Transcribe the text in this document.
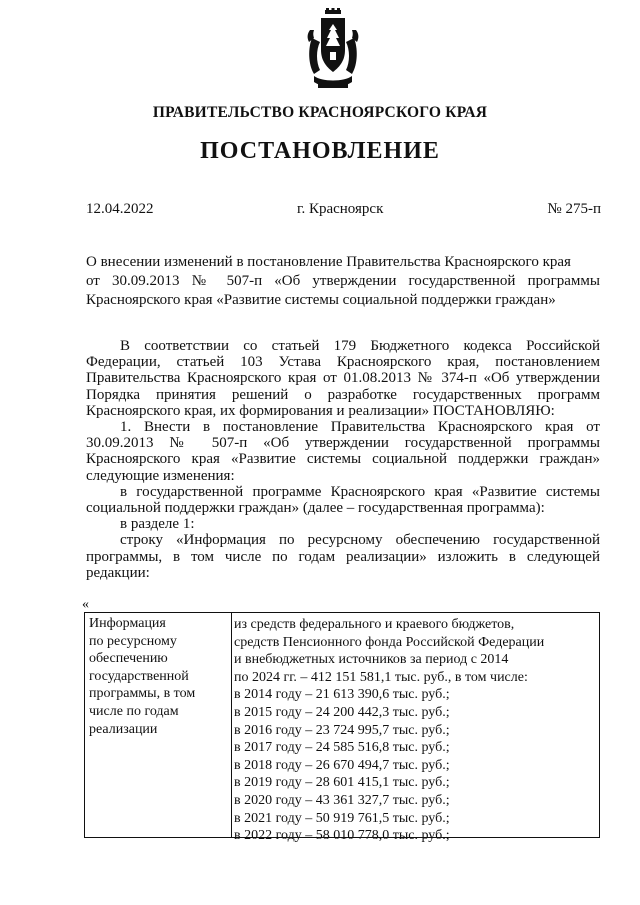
ПРАВИТЕЛЬСТВО КРАСНОЯРСКОГО КРАЯ
ПОСТАНОВЛЕНИЕ
12.04.2022	г. Красноярск	№ 275-п
О внесении изменений в постановление Правительства Красноярского края
от 30.09.2013 № 507-п «Об утверждении государственной программы
Красноярского края «Развитие системы социальной поддержки граждан»

В соответствии со статьей 179 Бюджетного кодекса Российской Федерации, статьей 103 Устава Красноярского края, постановлением Правительства Красноярского края от 01.08.2013 № 374-п «Об утверждении Порядка принятия решений о разработке государственных программ Красноярского края, их формирования и реализации» ПОСТАНОВЛЯЮ:

1. Внести в постановление Правительства Красноярского края от 30.09.2013 № 507-п «Об утверждении государственной программы Красноярского края «Развитие системы социальной поддержки граждан» следующие изменения:

в государственной программе Красноярского края «Развитие системы социальной поддержки граждан» (далее – государственная программа):

в разделе 1:

строку «Информация по ресурсному обеспечению государственной программы, в том числе по годам реализации» изложить в следующей редакции:

«
Информация
по ресурсному
обеспечению
государственной
программы, в том
числе по годам
реализации
из средств федерального и краевого бюджетов,
средств Пенсионного фонда Российской Федерации
и внебюджетных источников за период с 2014
по 2024 гг. – 412 151 581,1 тыс. руб., в том числе:
в 2014 году – 21 613 390,6 тыс. руб.;
в 2015 году – 24 200 442,3 тыс. руб.;
в 2016 году – 23 724 995,7 тыс. руб.;
в 2017 году – 24 585 516,8 тыс. руб.;
в 2018 году – 26 670 494,7 тыс. руб.;
в 2019 году – 28 601 415,1 тыс. руб.;
в 2020 году – 43 361 327,7 тыс. руб.;
в 2021 году – 50 919 761,5 тыс. руб.;
в 2022 году – 58 010 778,0 тыс. руб.;
